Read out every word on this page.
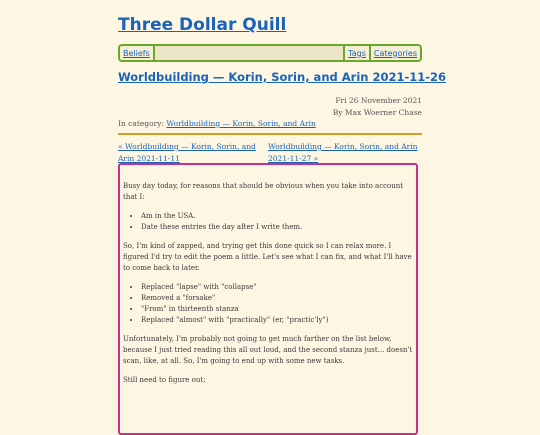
Three Dollar Quill
Beliefs	Tags Categories
Worldbuilding — Korin, Sorin, and Arin 2021-11-26
Fri 26 November 2021
By Max Woerner Chase
In category: Worldbuilding — Korin, Sorin, and Arin
« Worldbuilding — Korin, Sorin, and Arin 2021-11-11
Worldbuilding — Korin, Sorin, and Arin 2021-11-27 »

Busy day today, for reasons that should be obvious when you take into account that I:

• Am in the USA.
• Date these entries the day after I write them.

So, I'm kind of zapped, and trying get this done quick so I can relax more. I figured I'd try to edit the poem a little. Let's see what I can fix, and what I'll have to come back to later.

• Replaced "lapse" with "collapse"
• Removed a "forsake"
• "From" in thirteenth stanza
• Replaced "almost" with "practically" (er, "practic'ly")

Unfortunately, I'm probably not going to get much farther on the list below, because I just tried reading this all out loud, and the second stanza just... doesn't scan, like, at all. So, I'm going to end up with some new tasks.

Still need to figure out:
